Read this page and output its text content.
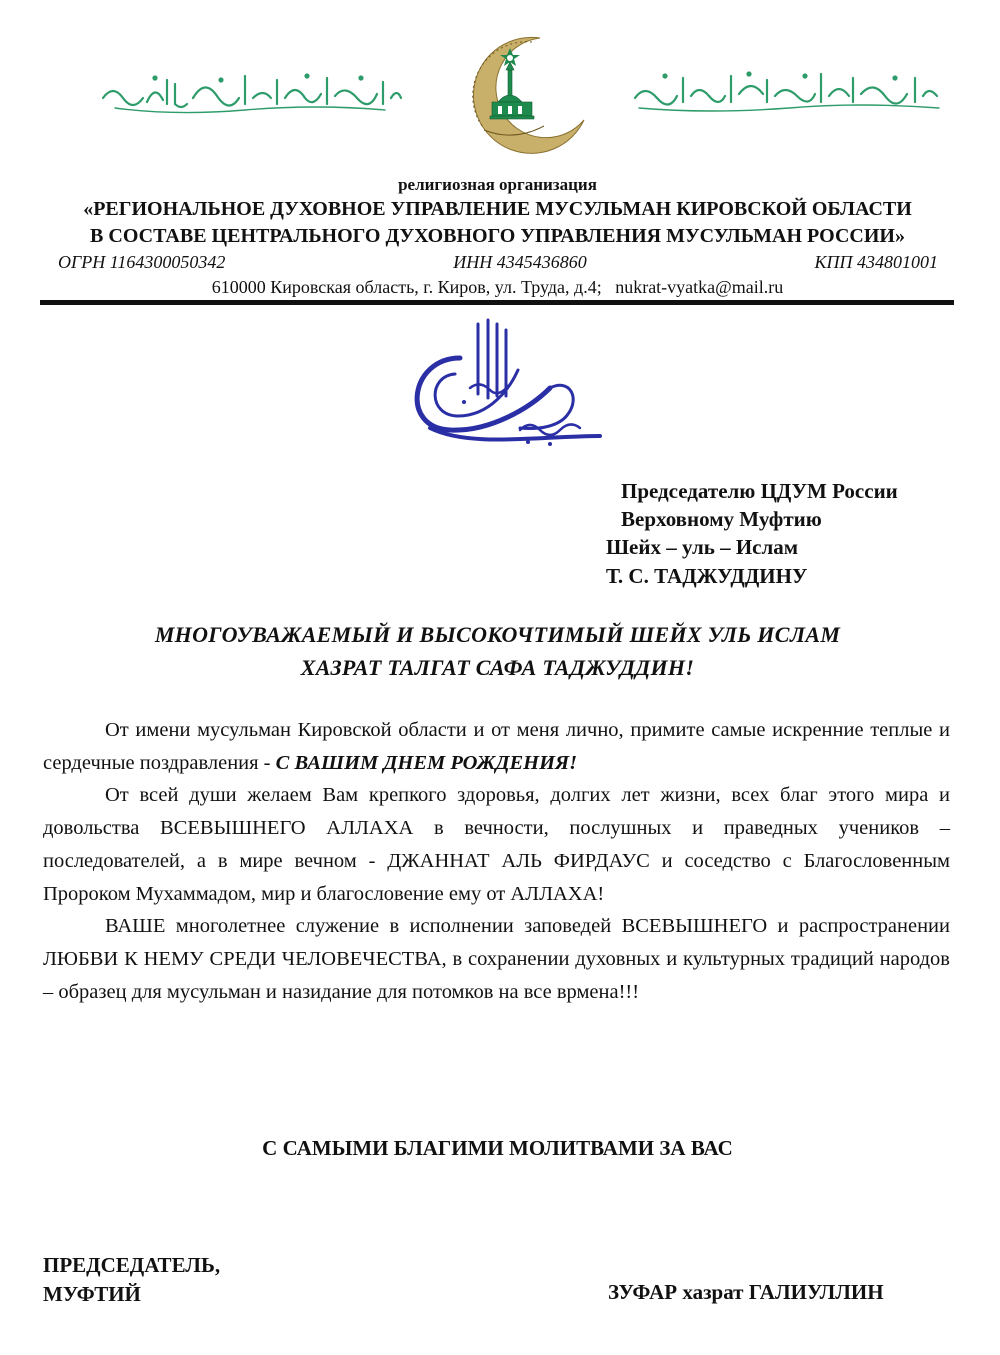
религиозная организация
«РЕГИОНАЛЬНОЕ ДУХОВНОЕ УПРАВЛЕНИЕ МУСУЛЬМАН КИРОВСКОЙ ОБЛАСТИ
В СОСТАВЕ ЦЕНТРАЛЬНОГО ДУХОВНОГО УПРАВЛЕНИЯ МУСУЛЬМАН РОССИИ»
ОГРН 1164300050342	ИНН 4345436860	КПП 434801001
610000 Кировская область, г. Киров, ул. Труда, д.4;   nukrat-vyatka@mail.ru
Председателю ЦДУМ России
Верховному Муфтию
Шейх – уль – Ислам
Т. С. ТАДЖУДДИНУ
МНОГОУВАЖАЕМЫЙ И ВЫСОКОЧТИМЫЙ ШЕЙХ УЛЬ ИСЛАМ
ХАЗРАТ ТАЛГАТ САФА ТАДЖУДДИН!

От имени мусульман Кировской области и от меня лично, примите самые искренние теплые и сердечные поздравления - С ВАШИМ ДНЕМ РОЖДЕНИЯ!

От всей души желаем Вам крепкого здоровья, долгих лет жизни, всех благ этого мира и довольства ВСЕВЫШНЕГО АЛЛАХА в вечности, послушных и праведных учеников – последователей, а в мире вечном - ДЖАННАТ АЛЬ ФИРДАУС и соседство с Благословенным Пророком Мухаммадом, мир и благословение ему от АЛЛАХА!

ВАШЕ многолетнее служение в исполнении заповедей ВСЕВЫШНЕГО и распространении ЛЮБВИ К НЕМУ СРЕДИ ЧЕЛОВЕЧЕСТВА, в сохранении духовных и культурных традиций народов – образец для мусульман и назидание для потомков на все врмена!!!

С САМЫМИ БЛАГИМИ МОЛИТВАМИ ЗА ВАС
ПРЕДСЕДАТЕЛЬ,
МУФТИЙ	ЗУФАР хазрат ГАЛИУЛЛИН
